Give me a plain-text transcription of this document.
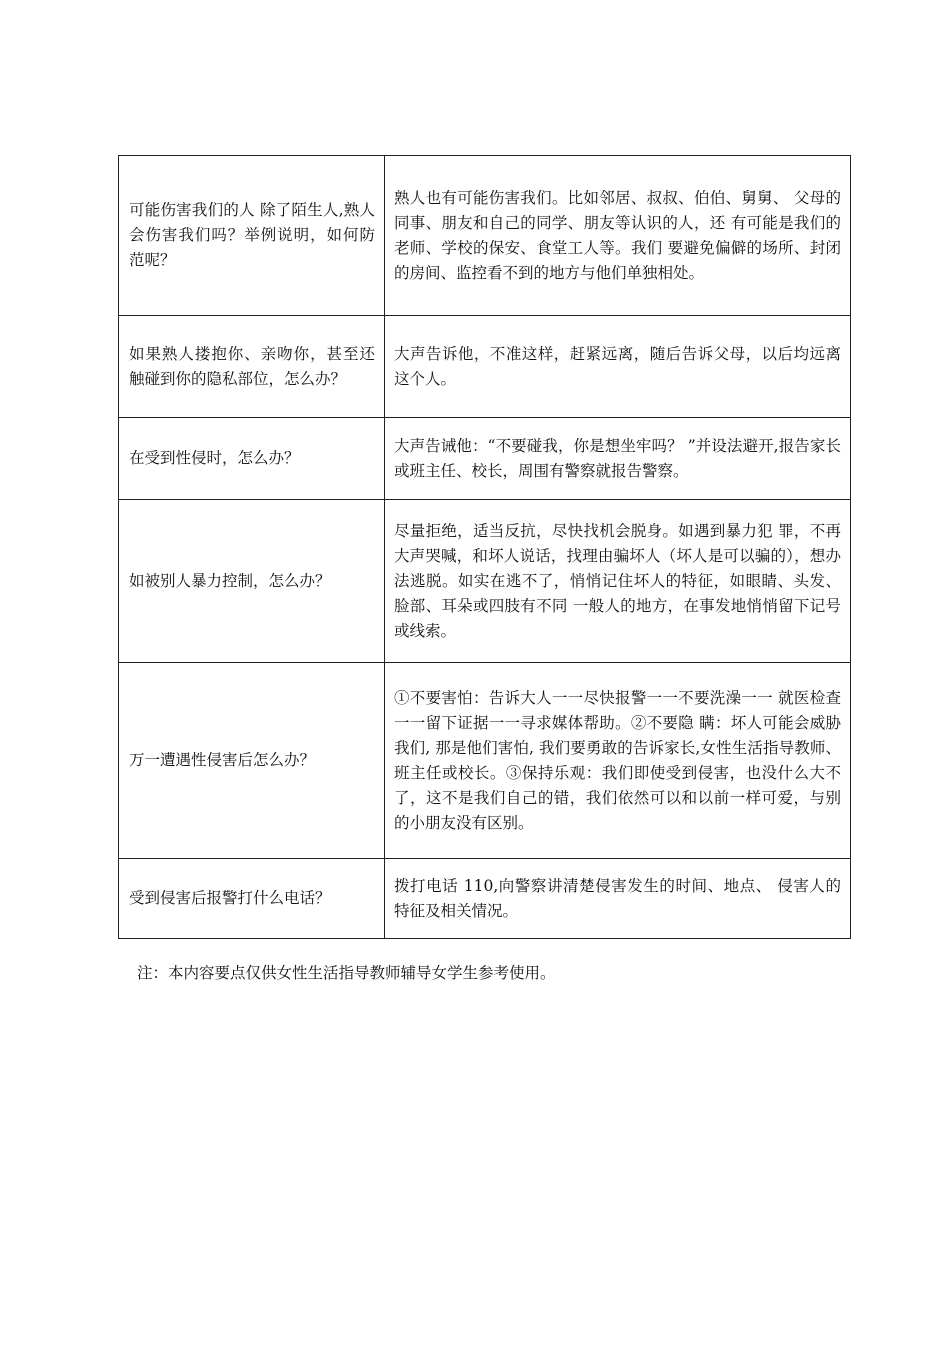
可能伤害我们的人 除了陌生人,熟人会伤害我们吗？举例说明，如何防范呢？	熟人也有可能伤害我们。比如邻居、叔叔、伯伯、舅舅、 父母的同事、朋友和自己的同学、朋友等认识的人，还 有可能是我们的老师、学校的保安、食堂工人等。我们 要避免偏僻的场所、封闭的房间、监控看不到的地方与他们单独相处。
如果熟人搂抱你、亲吻你，甚至还触碰到你的隐私部位，怎么办？	大声告诉他，不准这样，赶紧远离，随后告诉父母，以后均远离这个人。
在受到性侵时，怎么办？	大声告诫他：“不要碰我，你是想坐牢吗？ ”并设法避开,报告家长或班主任、校长，周围有警察就报告警察。
如被别人暴力控制，怎么办？	尽量拒绝，适当反抗，尽快找机会脱身。如遇到暴力犯 罪，不再大声哭喊，和坏人说话，找理由骗坏人（坏人是可以骗的），想办法逃脱。如实在逃不了，悄悄记住坏人的特征，如眼睛、头发、脸部、耳朵或四肢有不同 一般人的地方，在事发地悄悄留下记号或线索。
万一遭遇性侵害后怎么办？	①不要害怕：告诉大人一一尽快报警一一不要洗澡一一 就医检查一一留下证据一一寻求媒体帮助。②不要隐 瞒：坏人可能会威胁我们, 那是他们害怕, 我们要勇敢的告诉家长,女性生活指导教师、班主任或校长。③保持乐观：我们即使受到侵害，也没什么大不了，这不是我们自己的错，我们依然可以和以前一样可爱，与别的小朋友没有区别。
受到侵害后报警打什么电话？	拨打电话 110,向警察讲清楚侵害发生的时间、地点、 侵害人的特征及相关情况。
注：本内容要点仅供女性生活指导教师辅导女学生参考使用。
